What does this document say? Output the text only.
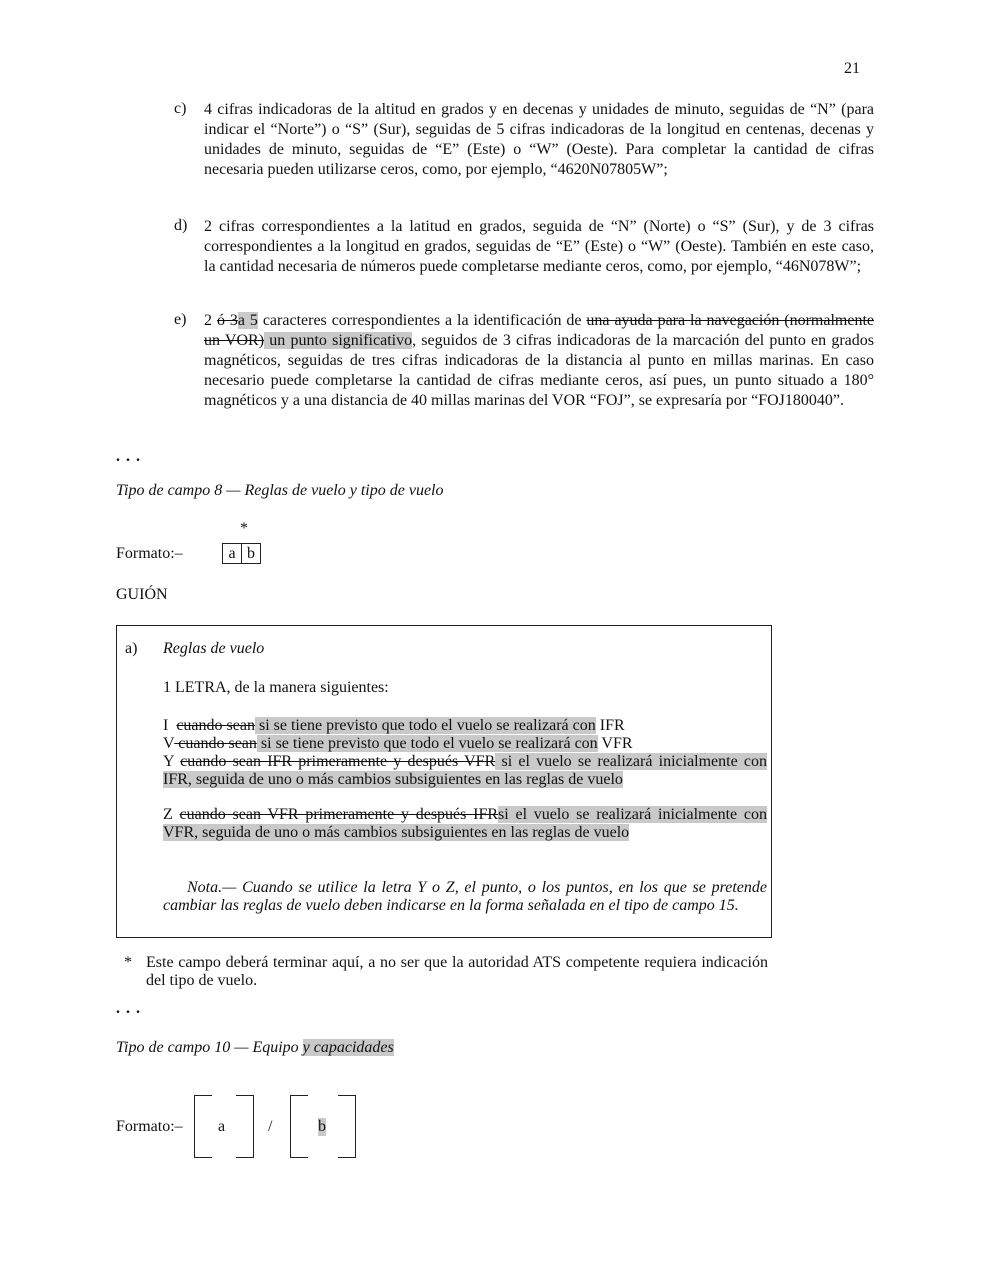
21
c) 4 cifras indicadoras de la altitud en grados y en decenas y unidades de minuto, seguidas de “N” (para indicar el “Norte”) o “S” (Sur), seguidas de 5 cifras indicadoras de la longitud en centenas, decenas y unidades de minuto, seguidas de “E” (Este) o “W” (Oeste). Para completar la cantidad de cifras necesaria pueden utilizarse ceros, como, por ejemplo, “4620N07805W”;
d) 2 cifras correspondientes a la latitud en grados, seguida de “N” (Norte) o “S” (Sur), y de 3 cifras correspondientes a la longitud en grados, seguidas de “E” (Este) o “W” (Oeste). También en este caso, la cantidad necesaria de números puede completarse mediante ceros, como, por ejemplo, “46N078W”;
e) 2 ó 3a 5 caracteres correspondientes a la identificación de una ayuda para la navegación (normalmente un VOR) un punto significativo, seguidos de 3 cifras indicadoras de la marcación del punto en grados magnéticos, seguidas de tres cifras indicadoras de la distancia al punto en millas marinas. En caso necesario puede completarse la cantidad de cifras mediante ceros, así pues, un punto situado a 180° magnéticos y a una distancia de 40 millas marinas del VOR “FOJ”, se expresaría por “FOJ180040”.
. . .
Tipo de campo 8 — Reglas de vuelo y tipo de vuelo
*
Formato:–	a b
GUIÓN
a) Reglas de vuelo
1 LETRA, de la manera siguientes:
I cuando sean si se tiene previsto que todo el vuelo se realizará con IFR
V cuando sean si se tiene previsto que todo el vuelo se realizará con VFR
Y cuando sean IFR primeramente y después VFR si el vuelo se realizará inicialmente con IFR, seguida de uno o más cambios subsiguientes en las reglas de vuelo
Z cuando sean VFR primeramente y después IFRsi el vuelo se realizará inicialmente con VFR, seguida de uno o más cambios subsiguientes en las reglas de vuelo
Nota.— Cuando se utilice la letra Y o Z, el punto, o los puntos, en los que se pretende cambiar las reglas de vuelo deben indicarse en la forma señalada en el tipo de campo 15.
* Este campo deberá terminar aquí, a no ser que la autoridad ATS competente requiera indicación del tipo de vuelo.
. . .
Tipo de campo 10 — Equipo y capacidades
Formato:– a	/	b
